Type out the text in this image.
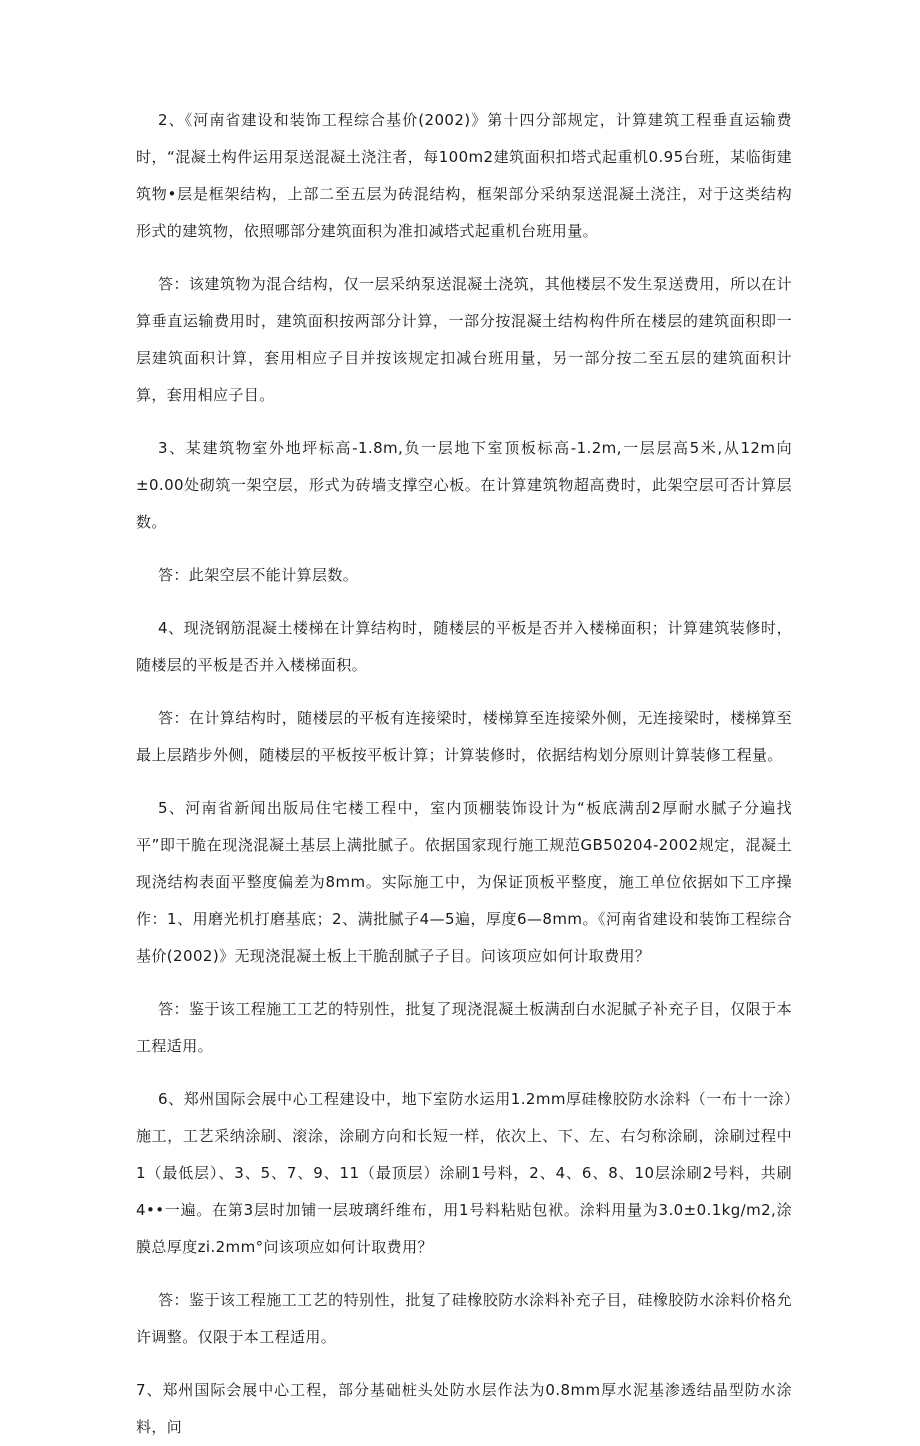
2、《河南省建设和装饰工程综合基价(2002)》第十四分部规定，计算建筑工程垂直运输费时，“混凝土构件运用泵送混凝土浇注者，每100m2建筑面积扣塔式起重机0.95台班，某临街建筑物•层是框架结构，上部二至五层为砖混结构，框架部分采纳泵送混凝土浇注，对于这类结构形式的建筑物，依照哪部分建筑面积为准扣减塔式起重机台班用量。

答：该建筑物为混合结构，仅一层采纳泵送混凝土浇筑，其他楼层不发生泵送费用，所以在计算垂直运输费用时，建筑面积按两部分计算，一部分按混凝土结构构件所在楼层的建筑面积即一层建筑面积计算，套用相应子目并按该规定扣减台班用量，另一部分按二至五层的建筑面积计算，套用相应子目。

3、某建筑物室外地坪标高-1.8m,负一层地下室顶板标高-1.2m,一层层高5米,从12m向±0.00处砌筑一架空层，形式为砖墙支撑空心板。在计算建筑物超高费时，此架空层可否计算层数。

答：此架空层不能计算层数。

4、现浇钢筋混凝土楼梯在计算结构时，随楼层的平板是否并入楼梯面积；计算建筑装修时，随楼层的平板是否并入楼梯面积。

答：在计算结构时，随楼层的平板有连接梁时，楼梯算至连接梁外侧，无连接梁时，楼梯算至最上层踏步外侧，随楼层的平板按平板计算；计算装修时，依据结构划分原则计算装修工程量。

5、河南省新闻出版局住宅楼工程中，室内顶棚装饰设计为“板底满刮2厚耐水腻子分遍找平”即干脆在现浇混凝土基层上满批腻子。依据国家现行施工规范GB50204-2002规定，混凝土现浇结构表面平整度偏差为8mm。实际施工中，为保证顶板平整度，施工单位依据如下工序操作：1、用磨光机打磨基底；2、满批腻子4—5遍，厚度6—8mm。《河南省建设和装饰工程综合基价(2002)》无现浇混凝土板上干脆刮腻子子目。问该项应如何计取费用？

答：鉴于该工程施工工艺的特别性，批复了现浇混凝土板满刮白水泥腻子补充子目，仅限于本工程适用。

6、郑州国际会展中心工程建设中，地下室防水运用1.2mm厚硅橡胶防水涂料（一布十一涂）施工，工艺采纳涂刷、滚涂，涂刷方向和长短一样，依次上、下、左、右匀称涂刷，涂刷过程中1（最低层）、3、5、7、9、11（最顶层）涂刷1号料，2、4、6、8、10层涂刷2号料，共刷4••一遍。在第3层时加铺一层玻璃纤维布，用1号料粘贴包袱。涂料用量为3.0±0.1kg∕m2,涂膜总厚度zi.2mm°问该项应如何计取费用？

答：鉴于该工程施工工艺的特别性，批复了硅橡胶防水涂料补充子目，硅橡胶防水涂料价格允许调整。仅限于本工程适用。

7、郑州国际会展中心工程，部分基础桩头处防水层作法为0.8mm厚水泥基渗透结晶型防水涂料，问
